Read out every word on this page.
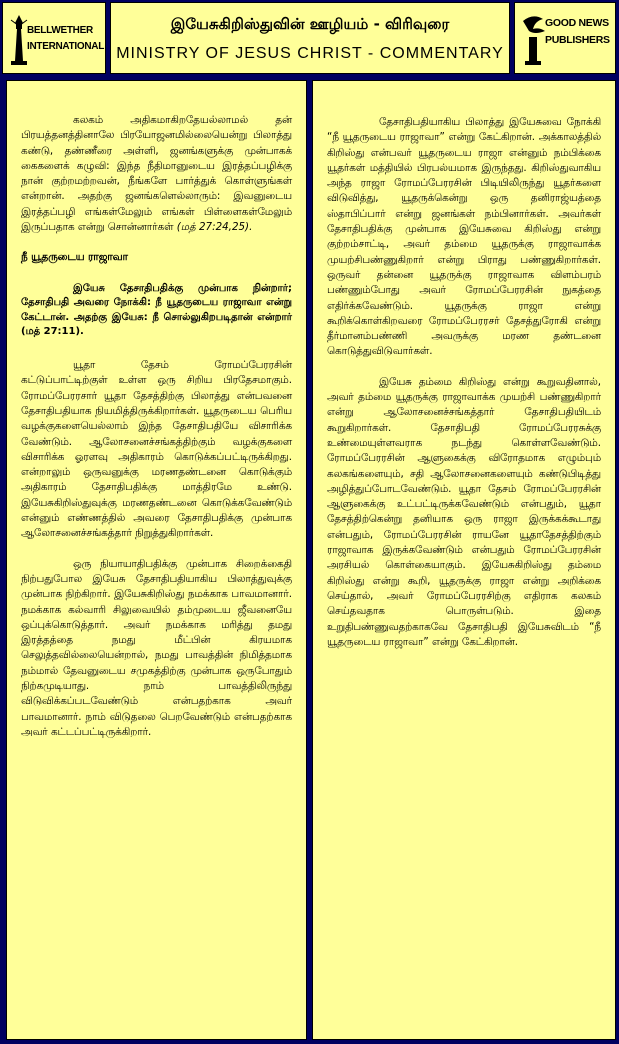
BELLWETHER
INTERNATIONAL
இயேசுகிறிஸ்துவின் ஊழியம் - விரிவுரை
MINISTRY OF JESUS CHRIST - COMMENTARY
GOOD NEWS
PUBLISHERS

கலகம் அதிகமாகிறதேயல்லாமல் தன் பிரயத்தனத்தினாலே பிரயோஜனமில்லையென்று பிலாத்து கண்டு, தண்ணீரை அள்ளி, ஜனங்களுக்கு முன்பாகக் கைகளைக் கழுவி: இந்த நீதிமானுடைய இரத்தப்பழிக்கு நான் குற்றமற்றவன், நீங்களே பார்த்துக் கொள்ளுங்கள் என்றான். அதற்கு ஜனங்களெல்லாரும்: இவனுடைய இரத்தப்பழி எங்கள்மேலும் எங்கள் பிள்ளைகள்மேலும் இருப்பதாக என்று சொன்னார்கள் (மத் 27:24,25).

நீ யூதருடைய ராஜாவா

இயேசு தேசாதிபதிக்கு முன்பாக நின்றார்; தேசாதிபதி அவரை நோக்கி: நீ யூதருடைய ராஜாவா என்று கேட்டான். அதற்கு இயேசு: நீ சொல்லுகிறபடிதான் என்றார் (மத் 27:11).

யூதா தேசம் ரோமப்பேரரசின் கட்டுப்பாட்டிற்குள் உள்ள ஒரு சிறிய பிரதேசமாகும். ரோமப்பேரரசார் யூதா தேசத்திற்கு பிலாத்து என்பவனை தேசாதிபதியாக நியமித்திருக்கிறார்கள். யூதருடைய பெரிய வழக்குகளையெல்லாம் இந்த தேசாதிபதியே விசாரிக்க வேண்டும். ஆலோசனைச்சங்கத்திற்கும் வழக்குகளை விசாரிக்க ஓரளவு அதிகாரம் கொடுக்கப்பட்டிருக்கிறது. என்றாலும் ஒருவனுக்கு மரணதண்டனை கொடுக்கும் அதிகாரம் தேசாதிபதிக்கு மாத்திரமே உண்டு. இயேசுகிறிஸ்துவுக்கு மரணதண்டனை கொடுக்கவேண்டும் என்னும் எண்ணத்தில் அவரை தேசாதிபதிக்கு முன்பாக ஆலோசனைச்சங்கத்தார் நிறுத்துகிறார்கள்.

ஒரு நியாயாதிபதிக்கு முன்பாக சிறைக்கைதி நிற்பதுபோல இயேசு தேசாதிபதியாகிய பிலாத்துவுக்கு முன்பாக நிற்கிறார். இயேசுகிறிஸ்து நமக்காக பாவமானார். நமக்காக கல்வாரி சிலுவையில் தம்முடைய ஜீவனையே ஒப்புக்கொடுத்தார். அவர் நமக்காக மரித்து தமது இரத்தத்தை நமது மீட்பின் கிரயமாக செலுத்தவில்லையென்றால், நமது பாவத்தின் நிமித்தமாக நம்மால் தேவனுடைய சமுகத்திற்கு முன்பாக ஒருபோதும் நிற்கமுடியாது. நாம் பாவத்திலிருந்து விடுவிக்கப்படவேண்டும் என்பதற்காக அவர் பாவமானார். நாம் விடுதலை பெறவேண்டும் என்பதற்காக அவர் கட்டப்பட்டிருக்கிறார்.

தேசாதிபதியாகிய பிலாத்து இயேசுவை நோக்கி “நீ யூதருடைய ராஜாவா” என்று கேட்கிறான். அக்காலத்தில் கிறிஸ்து என்பவர் யூதருடைய ராஜா என்னும் நம்பிக்கை யூதர்கள் மத்தியில் பிரபல்யமாக இருந்தது. கிறிஸ்துவாகிய அந்த ராஜா ரோமப்பேரரசின் பிடியிலிருந்து யூதர்களை விடுவித்து, யூதருக்கென்று ஒரு தனிராஜ்யத்தை ஸ்தாபிப்பார் என்று ஜனங்கள் நம்பினார்கள். அவர்கள் தேசாதிபதிக்கு முன்பாக இயேசுவை கிறிஸ்து என்று குற்றம்சாட்டி, அவர் தம்மை யூதருக்கு ராஜாவாக்க முயற்சிபண்ணுகிறார் என்று பிராது பண்ணுகிறார்கள். ஒருவர் தன்னை யூதருக்கு ராஜாவாக விளம்பரம் பண்ணும்போது அவர் ரோமப்பேரரசின் நுகத்தை எதிர்க்கவேண்டும். யூதருக்கு ராஜா என்று கூறிக்கொள்கிறவரை ரோமப்பேரரசர் தேசத்துரோகி என்று தீர்மானம்பண்ணி அவருக்கு மரண தண்டனை கொடுத்துவிடுவார்கள்.

இயேசு தம்மை கிறிஸ்து என்று கூறுவதினால், அவர் தம்மை யூதருக்கு ராஜாவாக்க முயற்சி பண்ணுகிறார் என்று ஆலோசனைச்சங்கத்தார் தேசாதிபதியிடம் கூறுகிறார்கள். தேசாதிபதி ரோமப்பேரரசுக்கு உண்மையுள்ளவராக நடந்து கொள்ளவேண்டும். ரோமப்பேரரசின் ஆளுகைக்கு விரோதமாக எழும்பும் கலகங்களையும், சதி ஆலோசனைகளையும் கண்டுபிடித்து அழித்துப்போடவேண்டும். யூதா தேசம் ரோமப்பேரரசின் ஆளுகைக்கு உட்பட்டிருக்கவேண்டும் என்பதும், யூதா தேசத்திற்கென்று தனியாக ஒரு ராஜா இருக்கக்கூடாது என்பதும், ரோமப்பேரரசின் ராயனே யூதாதேசத்திற்கும் ராஜாவாக இருக்கவேண்டும் என்பதும் ரோமப்பேரரசின் அரசியல் கொள்கையாகும். இயேசுகிறிஸ்து தம்மை கிறிஸ்து என்று கூறி, யூதருக்கு ராஜா என்று அறிக்கை செய்தால், அவர் ரோமப்பேரரசிற்கு எதிராக கலகம் செய்தவதாக பொருள்படும். இதை உறுதிபண்ணுவதற்காகவே தேசாதிபதி இயேசுவிடம் “நீ யூதருடைய ராஜாவா” என்று கேட்கிறான்.
